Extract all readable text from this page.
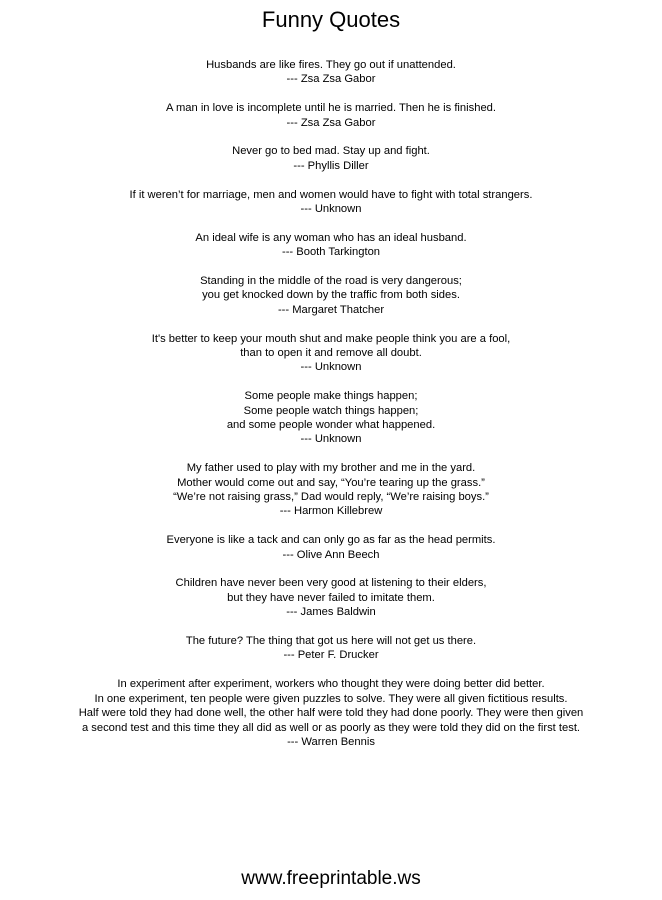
Funny Quotes
Husbands are like fires. They go out if unattended.
--- Zsa Zsa Gabor
A man in love is incomplete until he is married. Then he is finished.
--- Zsa Zsa Gabor
Never go to bed mad. Stay up and fight.
--- Phyllis Diller
If it weren’t for marriage, men and women would have to fight with total strangers.
--- Unknown
An ideal wife is any woman who has an ideal husband.
--- Booth Tarkington
Standing in the middle of the road is very dangerous;
you get knocked down by the traffic from both sides.
--- Margaret Thatcher
It's better to keep your mouth shut and make people think you are a fool,
than to open it and remove all doubt.
--- Unknown
Some people make things happen;
Some people watch things happen;
and some people wonder what happened.
--- Unknown
My father used to play with my brother and me in the yard.
Mother would come out and say, “You’re tearing up the grass.”
“We’re not raising grass,” Dad would reply, “We’re raising boys.”
--- Harmon Killebrew
Everyone is like a tack and can only go as far as the head permits.
--- Olive Ann Beech
Children have never been very good at listening to their elders,
but they have never failed to imitate them.
--- James Baldwin
The future? The thing that got us here will not get us there.
--- Peter F. Drucker
In experiment after experiment, workers who thought they were doing better did better.
In one experiment, ten people were given puzzles to solve. They were all given fictitious results.
Half were told they had done well, the other half were told they had done poorly. They were then given
a second test and this time they all did as well or as poorly as they were told they did on the first test.
--- Warren Bennis
www.freeprintable.ws
